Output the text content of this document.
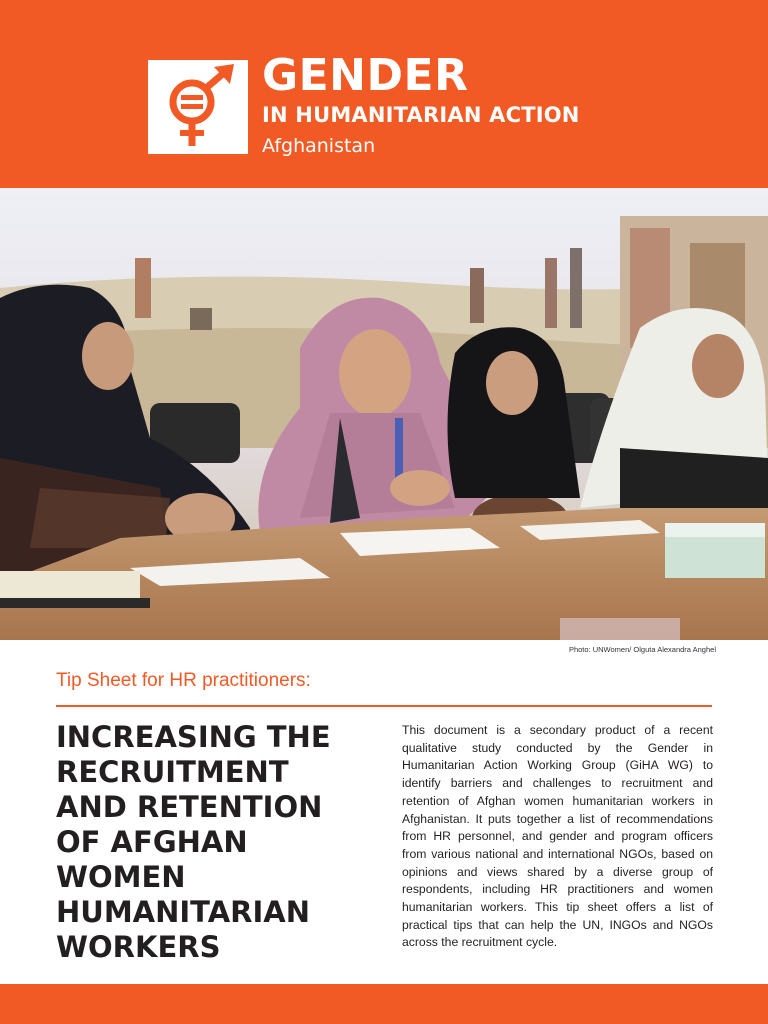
GENDER
IN HUMANITARIAN ACTION
Afghanistan
Photo: UNWomen/ Olguta Alexandra Anghel
Tip Sheet for HR practitioners:
INCREASING THE
RECRUITMENT
AND RETENTION
OF AFGHAN
WOMEN
HUMANITARIAN
WORKERS
This document is a secondary product of a recent qualitative study conducted by the Gender in Humanitarian Action Working Group (GiHA WG) to identify barriers and challenges to recruitment and retention of Afghan women humanitarian workers in Afghanistan. It puts together a list of recommendations from HR personnel, and gender and program officers from various national and international NGOs, based on opinions and views shared by a diverse group of respondents, including HR practitioners and women humanitarian workers. This tip sheet offers a list of practical tips that can help the UN, INGOs and NGOs across the recruitment cycle.
